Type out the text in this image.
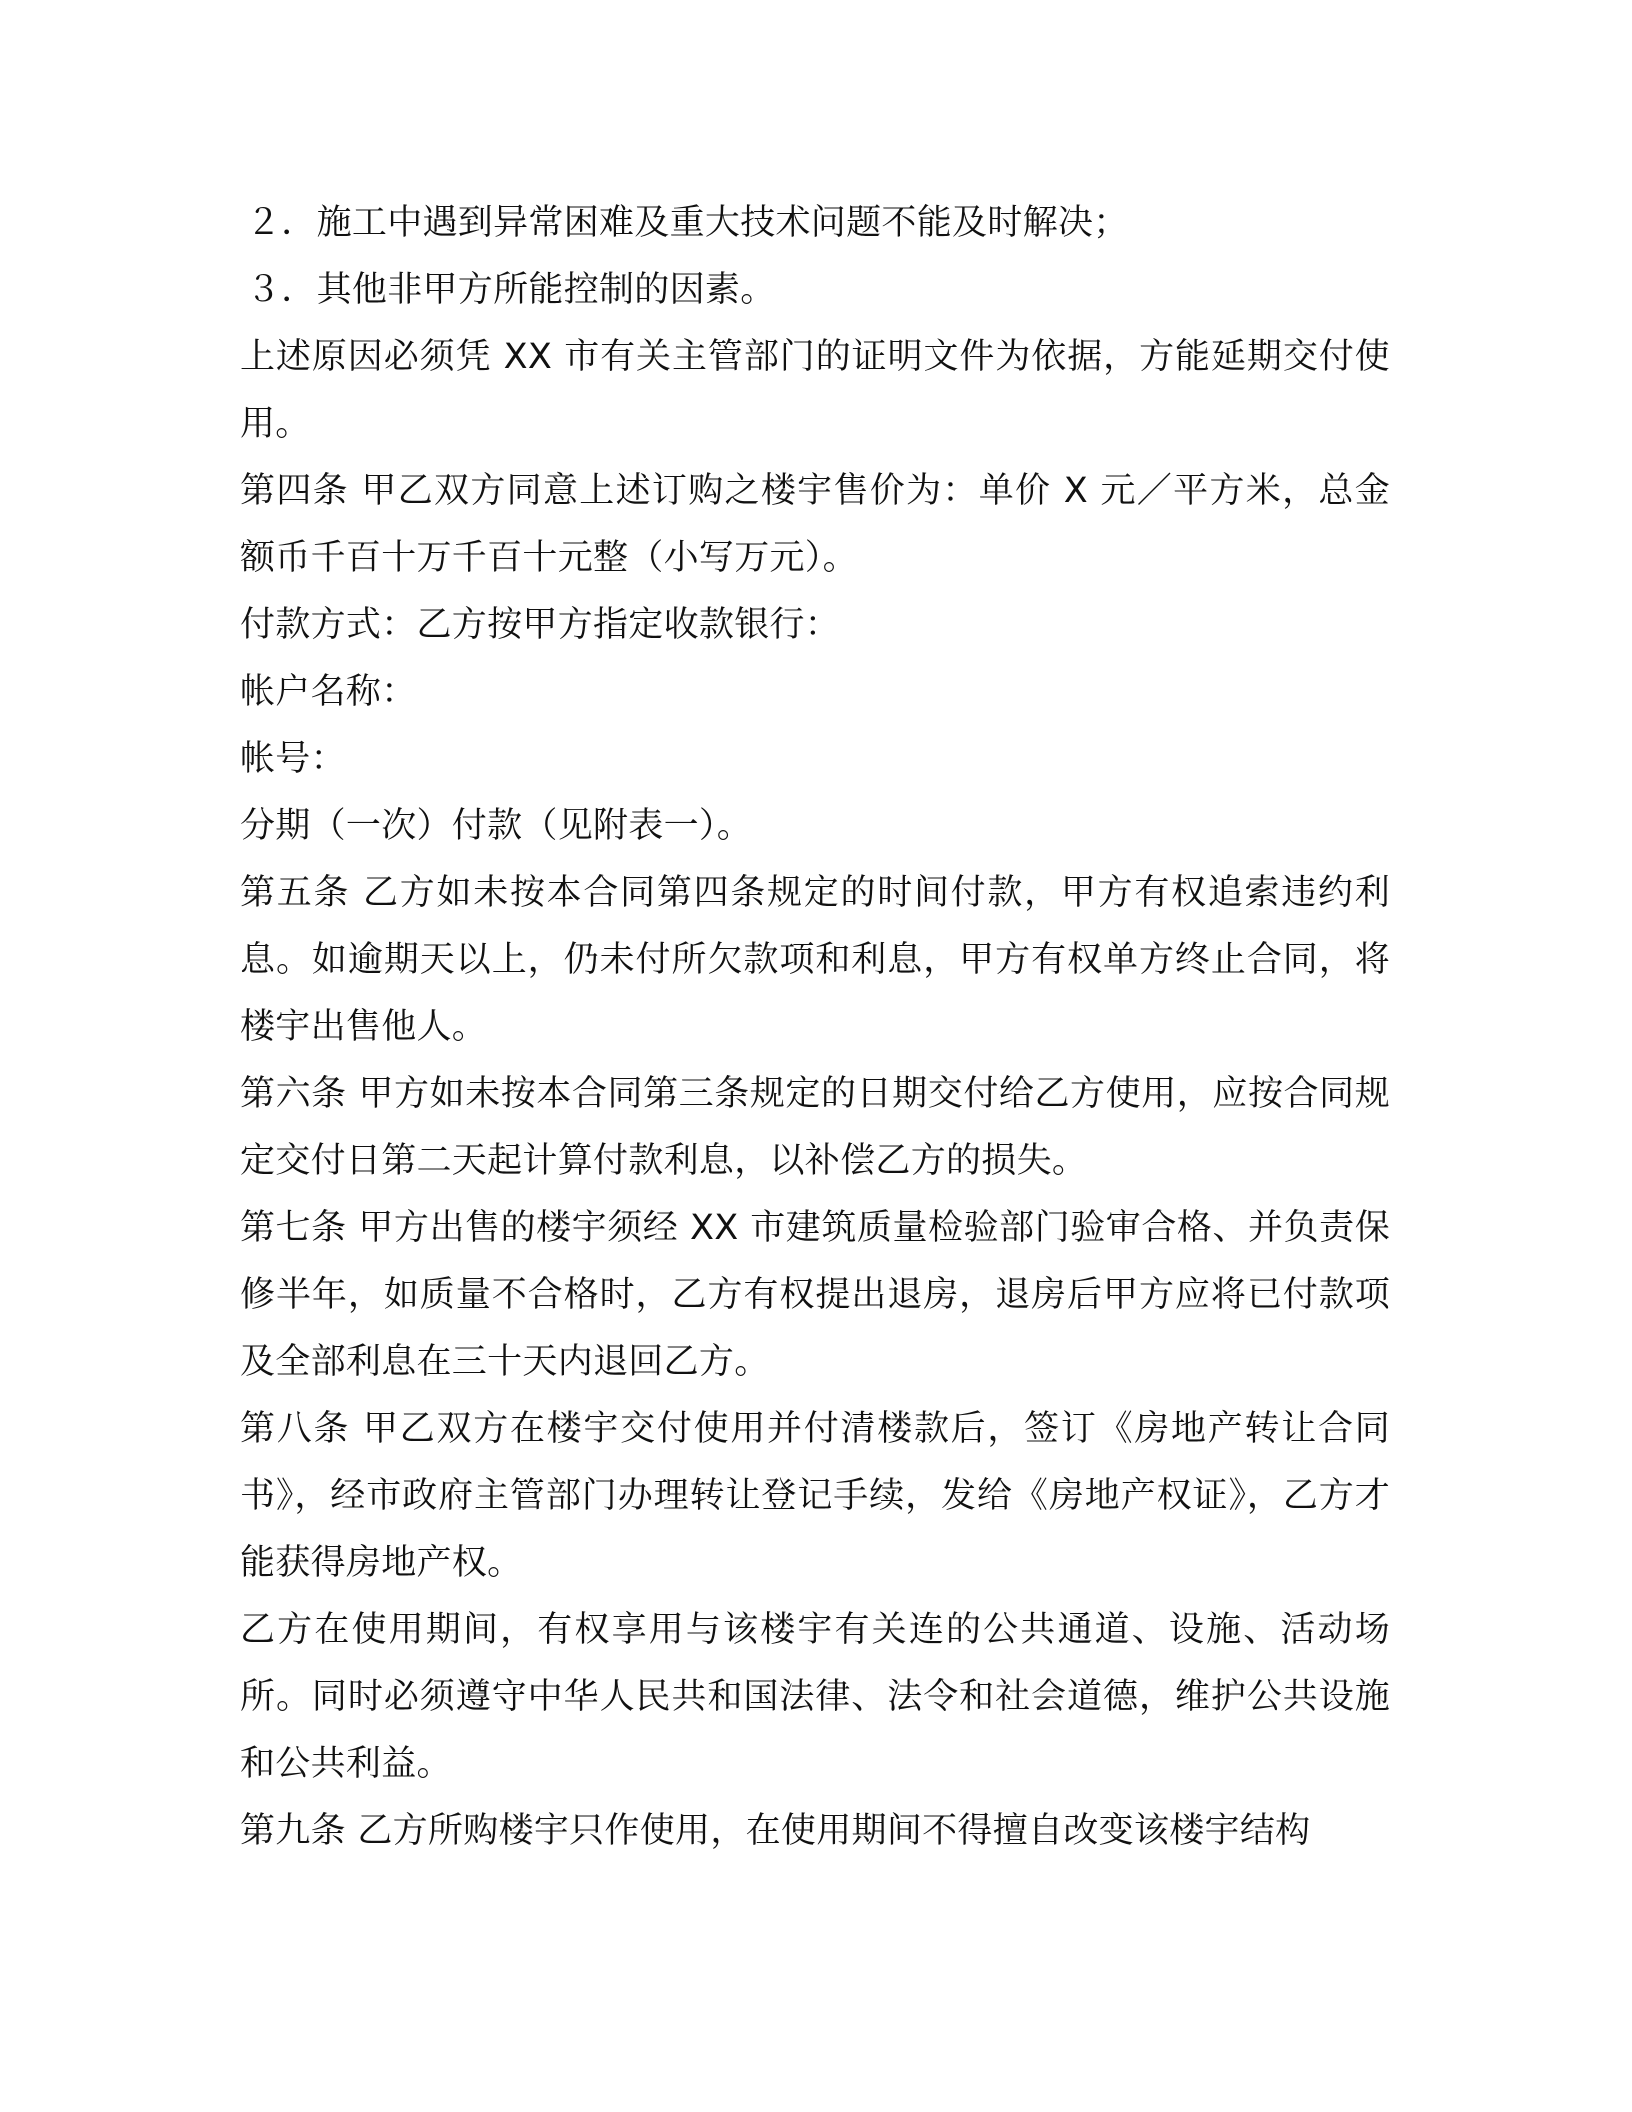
２．施工中遇到异常困难及重大技术问题不能及时解决；

３．其他非甲方所能控制的因素。

上述原因必须凭 XX 市有关主管部门的证明文件为依据，方能延期交付使用。

第四条 甲乙双方同意上述订购之楼宇售价为：单价 X 元／平方米，总金额币千百十万千百十元整（小写万元）。

付款方式：乙方按甲方指定收款银行：

帐户名称：

帐号：

分期（一次）付款（见附表一）。

第五条 乙方如未按本合同第四条规定的时间付款，甲方有权追索违约利息。如逾期天以上，仍未付所欠款项和利息，甲方有权单方终止合同，将楼宇出售他人。

第六条 甲方如未按本合同第三条规定的日期交付给乙方使用，应按合同规定交付日第二天起计算付款利息，以补偿乙方的损失。

第七条 甲方出售的楼宇须经 XX 市建筑质量检验部门验审合格、并负责保修半年，如质量不合格时，乙方有权提出退房，退房后甲方应将已付款项及全部利息在三十天内退回乙方。

第八条 甲乙双方在楼宇交付使用并付清楼款后，签订《房地产转让合同书》，经市政府主管部门办理转让登记手续，发给《房地产权证》，乙方才能获得房地产权。

乙方在使用期间，有权享用与该楼宇有关连的公共通道、设施、活动场所。同时必须遵守中华人民共和国法律、法令和社会道德，维护公共设施和公共利益。

第九条 乙方所购楼宇只作使用，在使用期间不得擅自改变该楼宇结构
